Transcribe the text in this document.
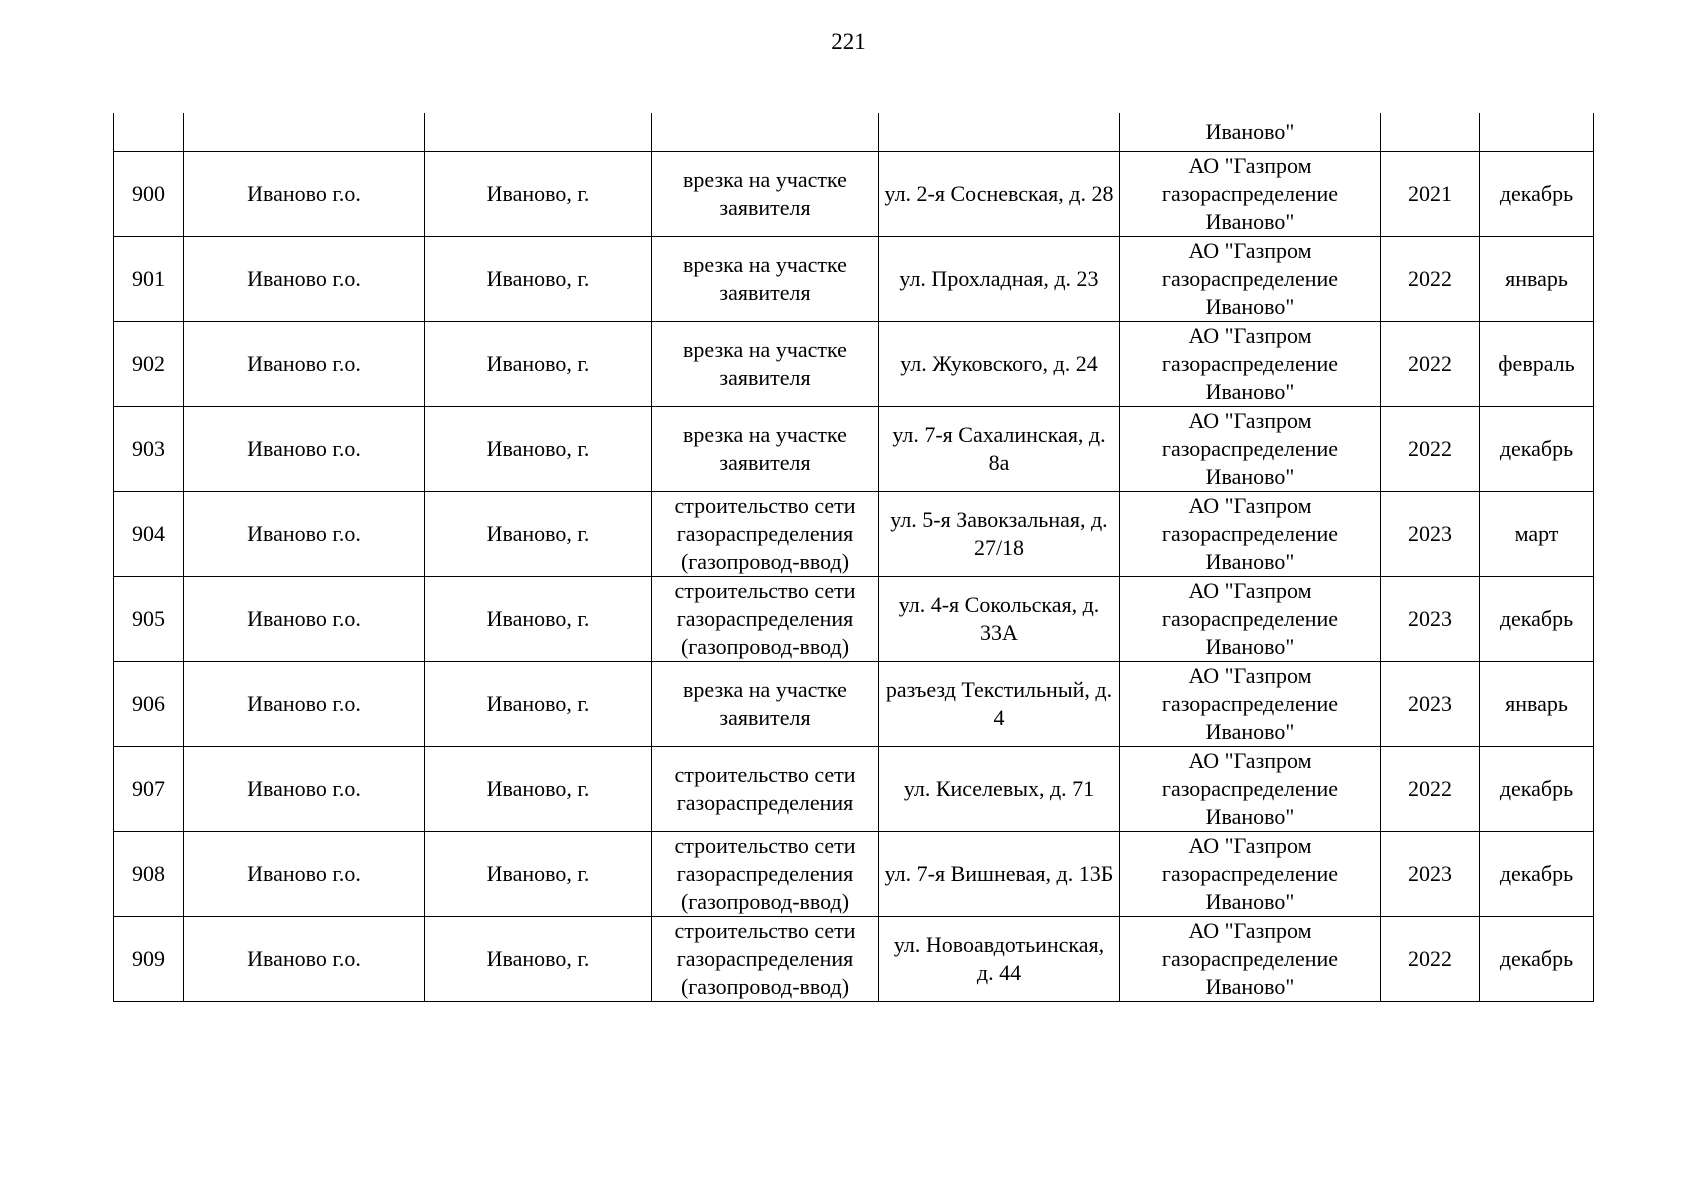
221
					Иваново"		
900	Иваново г.о.	Иваново, г.	врезка на участке заявителя	ул. 2-я Сосневская, д. 28	АО "Газпром газораспределение Иваново"	2021	декабрь
901	Иваново г.о.	Иваново, г.	врезка на участке заявителя	ул. Прохладная, д. 23	АО "Газпром газораспределение Иваново"	2022	январь
902	Иваново г.о.	Иваново, г.	врезка на участке заявителя	ул. Жуковского, д. 24	АО "Газпром газораспределение Иваново"	2022	февраль
903	Иваново г.о.	Иваново, г.	врезка на участке заявителя	ул. 7-я Сахалинская, д. 8а	АО "Газпром газораспределение Иваново"	2022	декабрь
904	Иваново г.о.	Иваново, г.	строительство сети газораспределения (газопровод-ввод)	ул. 5-я Завокзальная, д. 27/18	АО "Газпром газораспределение Иваново"	2023	март
905	Иваново г.о.	Иваново, г.	строительство сети газораспределения (газопровод-ввод)	ул. 4-я Сокольская, д. 33А	АО "Газпром газораспределение Иваново"	2023	декабрь
906	Иваново г.о.	Иваново, г.	врезка на участке заявителя	разъезд Текстильный, д. 4	АО "Газпром газораспределение Иваново"	2023	январь
907	Иваново г.о.	Иваново, г.	строительство сети газораспределения	ул. Киселевых, д. 71	АО "Газпром газораспределение Иваново"	2022	декабрь
908	Иваново г.о.	Иваново, г.	строительство сети газораспределения (газопровод-ввод)	ул. 7-я Вишневая, д. 13Б	АО "Газпром газораспределение Иваново"	2023	декабрь
909	Иваново г.о.	Иваново, г.	строительство сети газораспределения (газопровод-ввод)	ул. Новоавдотьинская, д. 44	АО "Газпром газораспределение Иваново"	2022	декабрь
